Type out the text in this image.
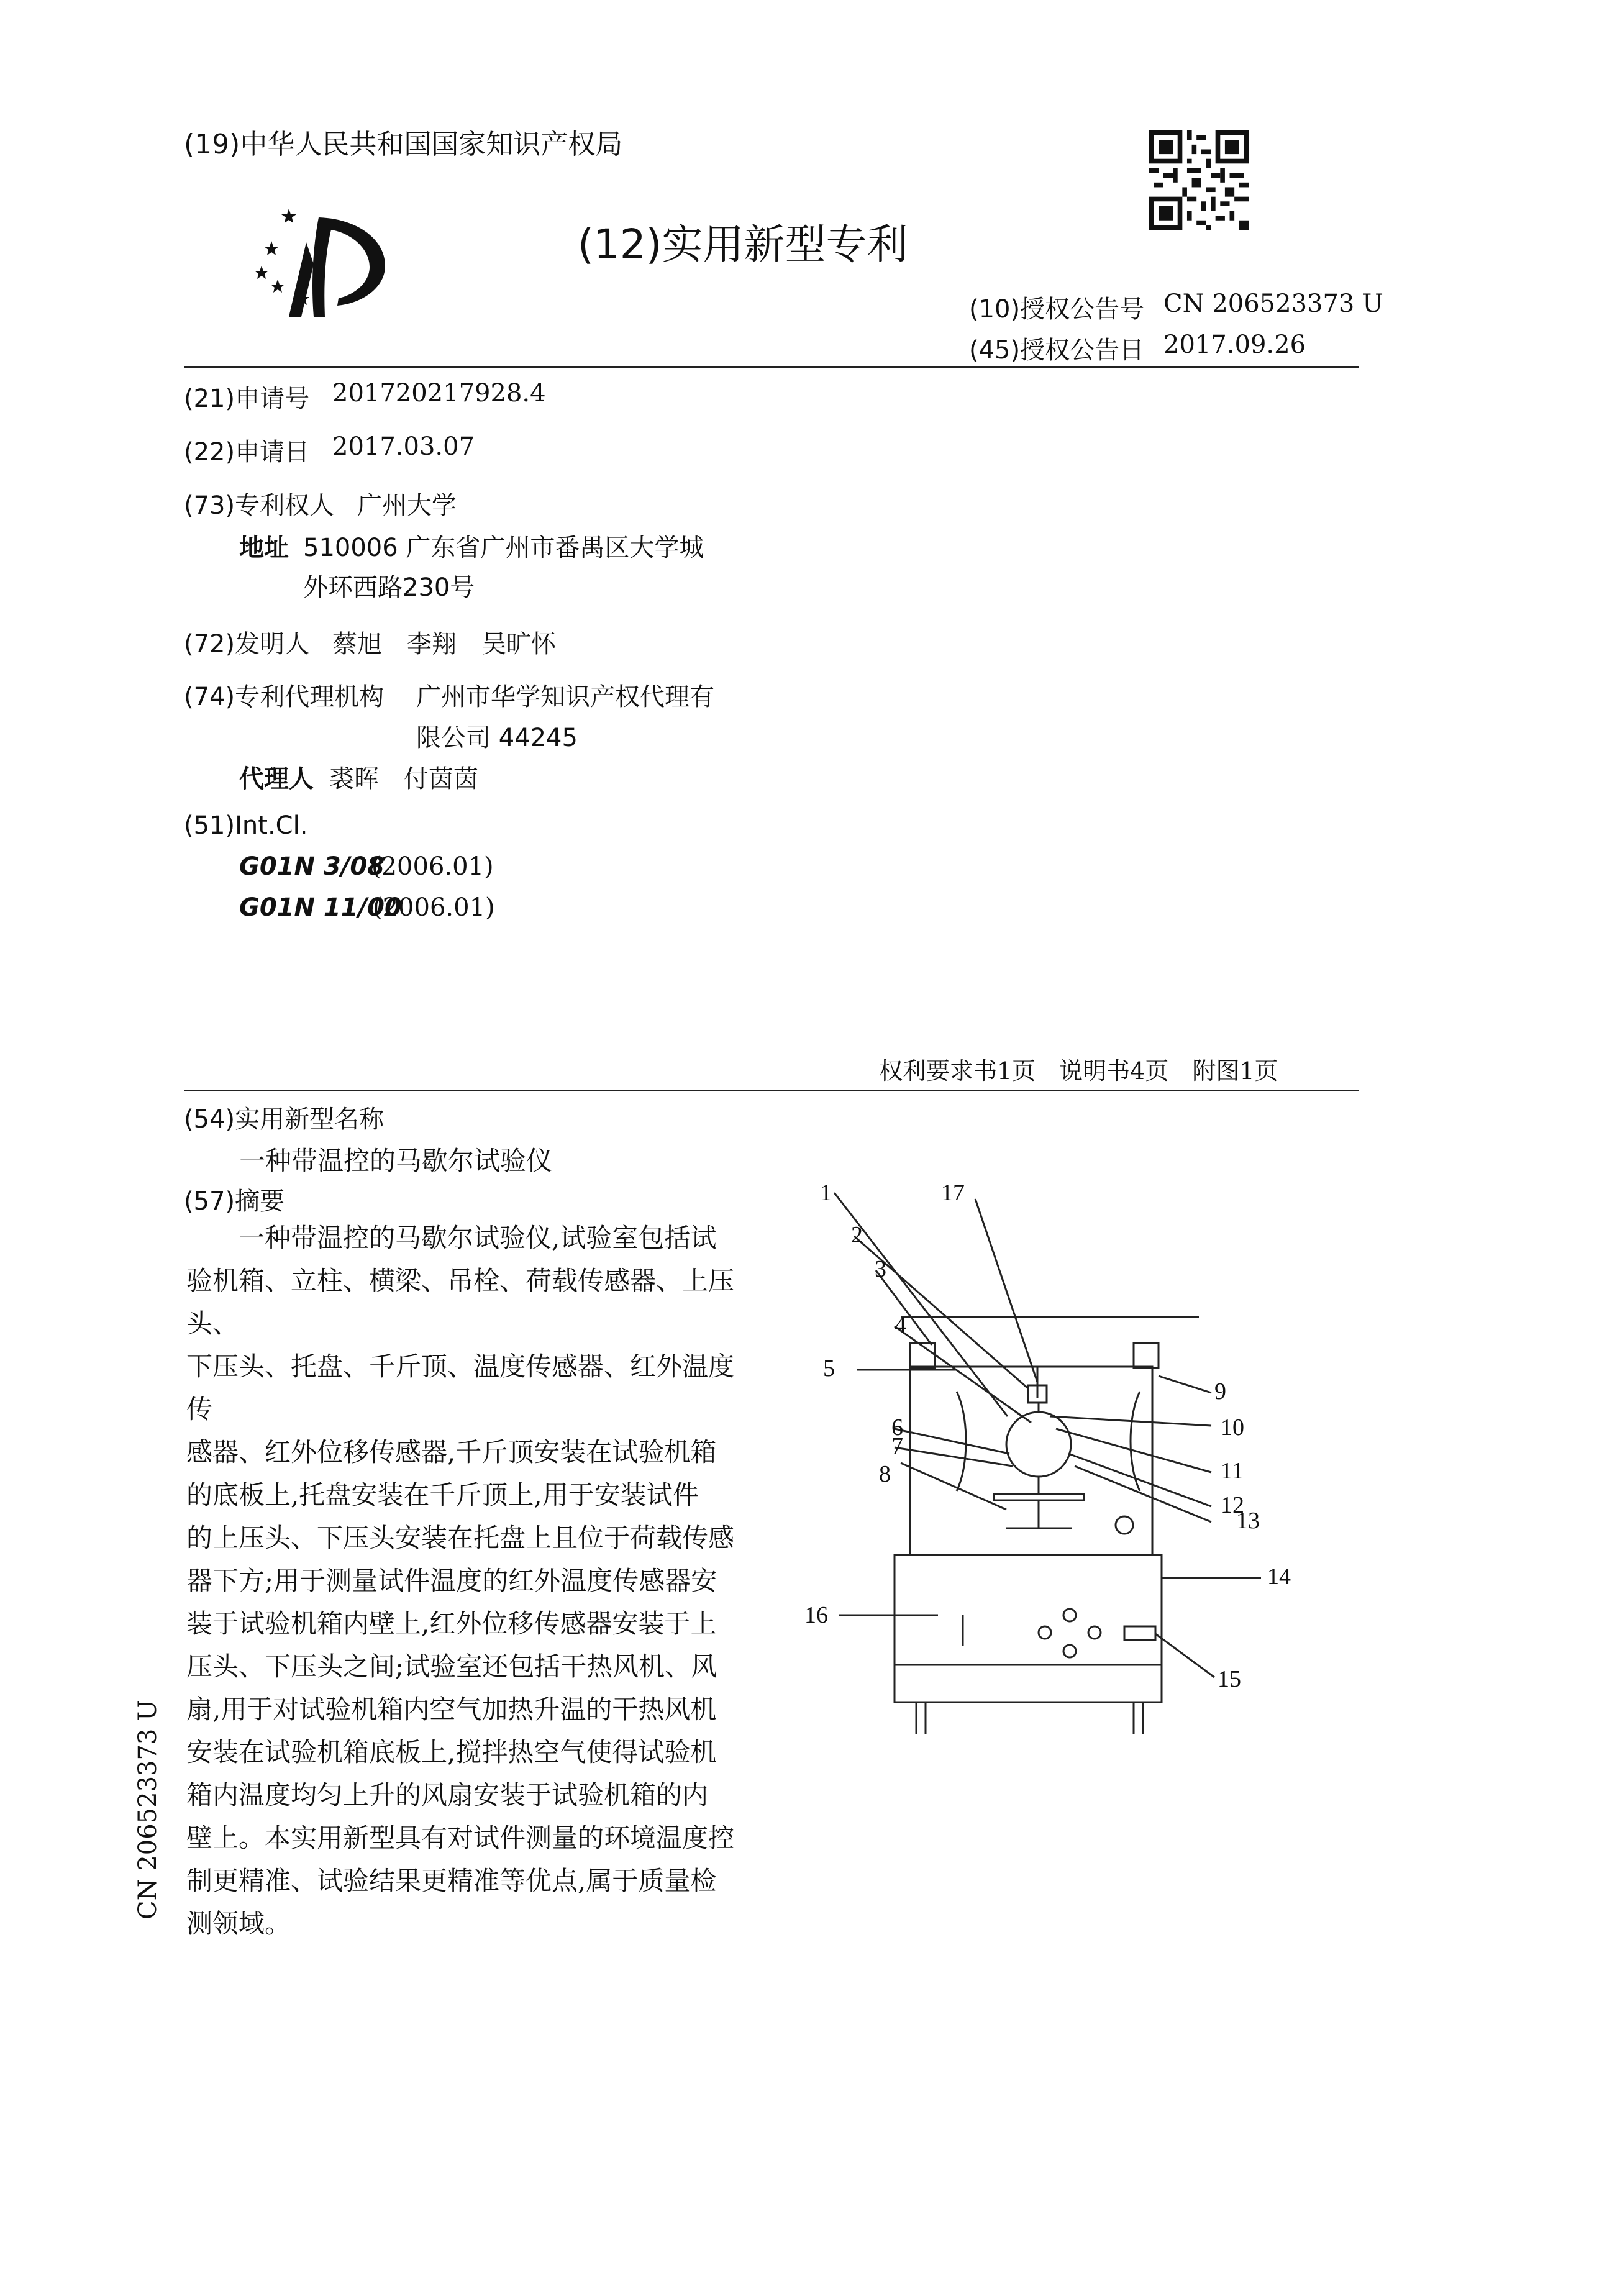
(19)中华人民共和国国家知识产权局
(12)实用新型专利
(10)授权公告号 CN 206523373 U
(45)授权公告日 2017.09.26
(21)申请号 201720217928.4
(22)申请日 2017.03.07
(73)专利权人 广州大学
地址 510006 广东省广州市番禺区大学城
外环西路230号
(72)发明人 蔡旭　李翔　吴旷怀
(74)专利代理机构 广州市华学知识产权代理有
限公司 44245
代理人 裘晖　付茵茵
(51)Int.Cl.
G01N 3/08
(2006.01)
G01N 11/00
(2006.01)
权利要求书1页　说明书4页　附图1页
(54)实用新型名称
一种带温控的马歇尔试验仪
(57)摘要
一种带温控的马歇尔试验仪,试验室包括试
验机箱、立柱、横梁、吊栓、荷载传感器、上压头、
下压头、托盘、千斤顶、温度传感器、红外温度传
感器、红外位移传感器,千斤顶安装在试验机箱
的底板上,托盘安装在千斤顶上,用于安装试件
的上压头、下压头安装在托盘上且位于荷载传感
器下方;用于测量试件温度的红外温度传感器安
装于试验机箱内壁上,红外位移传感器安装于上
压头、下压头之间;试验室还包括干热风机、风
扇,用于对试验机箱内空气加热升温的干热风机
安装在试验机箱底板上,搅拌热空气使得试验机
箱内温度均匀上升的风扇安装于试验机箱的内
壁上。本实用新型具有对试件测量的环境温度控
制更精准、试验结果更精准等优点,属于质量检
测领域。
CN 206523373 U
1
2
3
4
5
6
7
8
9
10
11
12
13
14
15
16
17
